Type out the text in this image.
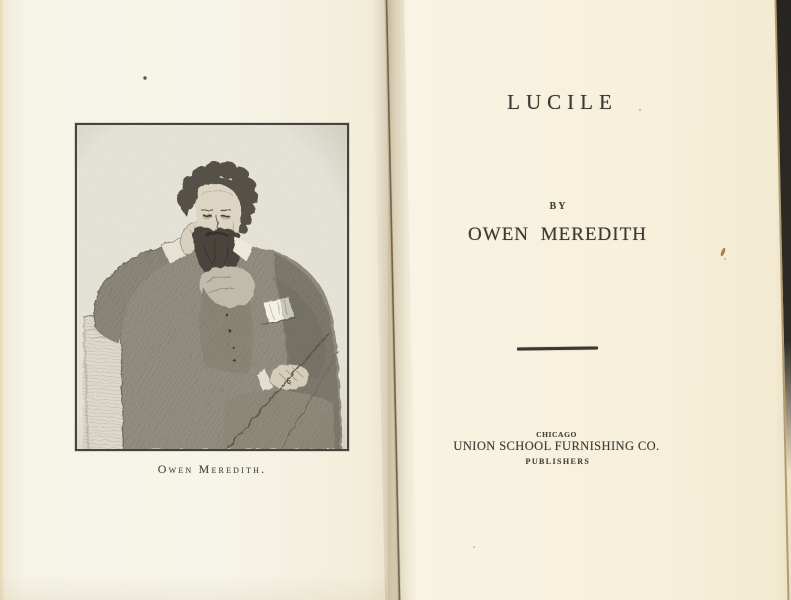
Owen Meredith.
LUCILE
BY
OWEN MEREDITH
CHICAGO
UNION SCHOOL FURNISHING CO.
PUBLISHERS
